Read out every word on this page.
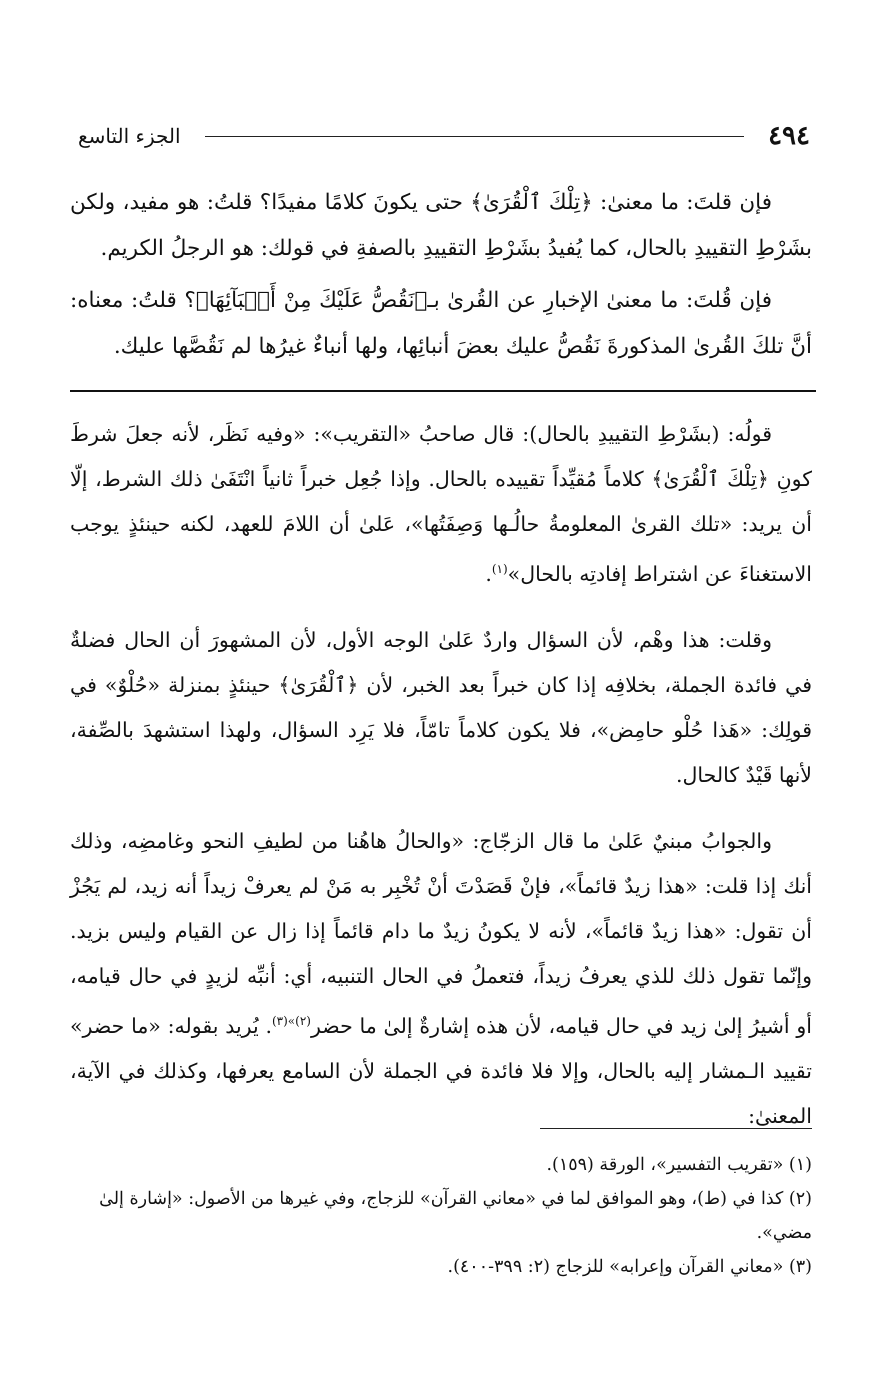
٤٩٤
الجزء التاسع

فإن قلتَ: ما معنىٰ: ﴿تِلْكَ ٱلْقُرَىٰ﴾ حتى يكونَ كلامًا مفيدًا؟ قلتُ: هو مفيد، ولكن بشَرْطِ التقييدِ بالحال، كما يُفيدُ بشَرْطِ التقييدِ بالصفةِ في قولك: هو الرجلُ الكريم.

فإن قُلتَ: ما معنىٰ الإخبارِ عن القُرىٰ بـ﴿نَقُصُّ عَلَيْكَ مِنْ أَنۢبَآئِهَا﴾؟ قلتُ: معناه: أنَّ تلكَ القُرىٰ المذكورةَ نَقُصُّ عليك بعضَ أنبائِها، ولها أنباءٌ غيرُها لم نَقُصَّها عليك.

قولُه: (بشَرْطِ التقييدِ بالحال): قال صاحبُ «التقريب»: «وفيه نَظَر، لأنه جعلَ شرطَ كونِ ﴿تِلْكَ ٱلْقُرَىٰ﴾ كلاماً مُقيِّداً تقييده بالحال. وإذا جُعِل خبراً ثانياً انْتَفَىٰ ذلك الشرط، إلّا أن يريد: «تلك القرىٰ المعلومةُ حالُـها وَصِفَتُها»، عَلىٰ أن اللامَ للعهد، لكنه حينئذٍ يوجب الاستغناءَ عن اشتراط إفادتِه بالحال»$^{(١)}$.

وقلت: هذا وهْم، لأن السؤال واردٌ عَلىٰ الوجه الأول، لأن المشهورَ أن الحال فضلةٌ في فائدة الجملة، بخلافِه إذا كان خبراً بعد الخبر، لأن ﴿ٱلْقُرَىٰ﴾ حينئذٍ بمنزلة «حُلْوٌ» في قولِك: «هَذا حُلْو حامِض»، فلا يكون كلاماً تامّاً، فلا يَرِد السؤال، ولهذا استشهدَ بالصِّفة، لأنها قَيْدٌ كالحال.

والجوابُ مبنيٌ عَلىٰ ما قال الزجّاج: «والحالُ هاهُنا من لطيفِ النحو وغامضِه، وذلك أنك إذا قلت: «هذا زيدٌ قائماً»، فإنْ قَصَدْتَ أنْ تُخْبِر به مَنْ لم يعرفْ زيداً أنه زيد، لم يَجُزْ أن تقول: «هذا زيدٌ قائماً»، لأنه لا يكونُ زيدٌ ما دام قائماً إذا زال عن القيام وليس بزيد. وإنّما تقول ذلك للذي يعرفُ زيداً، فتعملُ في الحال التنبيه، أي: أنبِّه لزيدٍ في حال قيامه، أو أشيرُ إلىٰ زيد في حال قيامه، لأن هذه إشارةٌ إلىٰ ما حضر$^{(٢)»(٣)}$. يُريد بقوله: «ما حضر» تقييد الـمشار إليه بالحال، وإلا فلا فائدة في الجملة لأن السامع يعرفها، وكذلك في الآية، المعنىٰ:

(١) «تقريب التفسير»، الورقة (١٥٩).

(٢) كذا في (ط)، وهو الموافق لما في «معاني القرآن» للزجاج، وفي غيرها من الأصول: «إشارة إلىٰ مضي».

(٣) «معاني القرآن وإعرابه» للزجاج (٢: ٣٩٩-٤٠٠).
